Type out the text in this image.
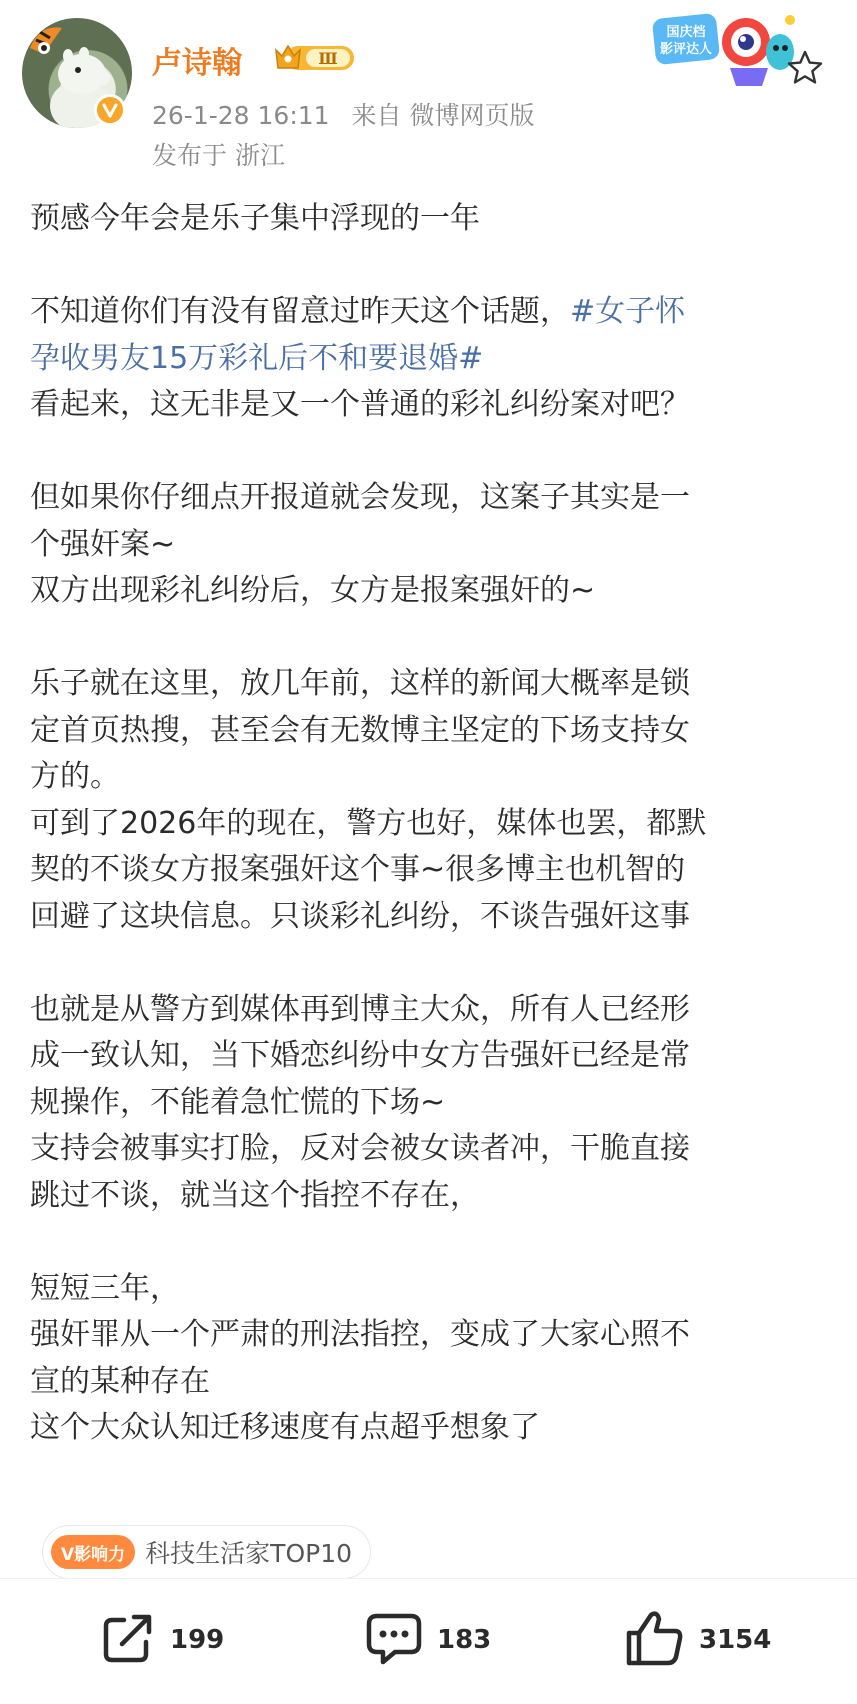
卢诗翰	Ⅲ
26-1-28 16:11 来自 微博网页版
发布于 浙江
国庆档
影评达人

预感今年会是乐子集中浮现的一年

不知道你们有没有留意过昨天这个话题，#女子怀

孕收男友15万彩礼后不和要退婚#

看起来，这无非是又一个普通的彩礼纠纷案对吧？

但如果你仔细点开报道就会发现，这案子其实是一

个强奸案~

双方出现彩礼纠纷后，女方是报案强奸的~

乐子就在这里，放几年前，这样的新闻大概率是锁

定首页热搜，甚至会有无数博主坚定的下场支持女

方的。

可到了2026年的现在，警方也好，媒体也罢，都默

契的不谈女方报案强奸这个事~很多博主也机智的

回避了这块信息。只谈彩礼纠纷，不谈告强奸这事

也就是从警方到媒体再到博主大众，所有人已经形

成一致认知，当下婚恋纠纷中女方告强奸已经是常

规操作，不能着急忙慌的下场~

支持会被事实打脸，反对会被女读者冲，干脆直接

跳过不谈，就当这个指控不存在，

短短三年，

强奸罪从一个严肃的刑法指控，变成了大家心照不

宣的某种存在

这个大众认知迁移速度有点超乎想象了

V影响力 科技生活家TOP10
199	183	3154
